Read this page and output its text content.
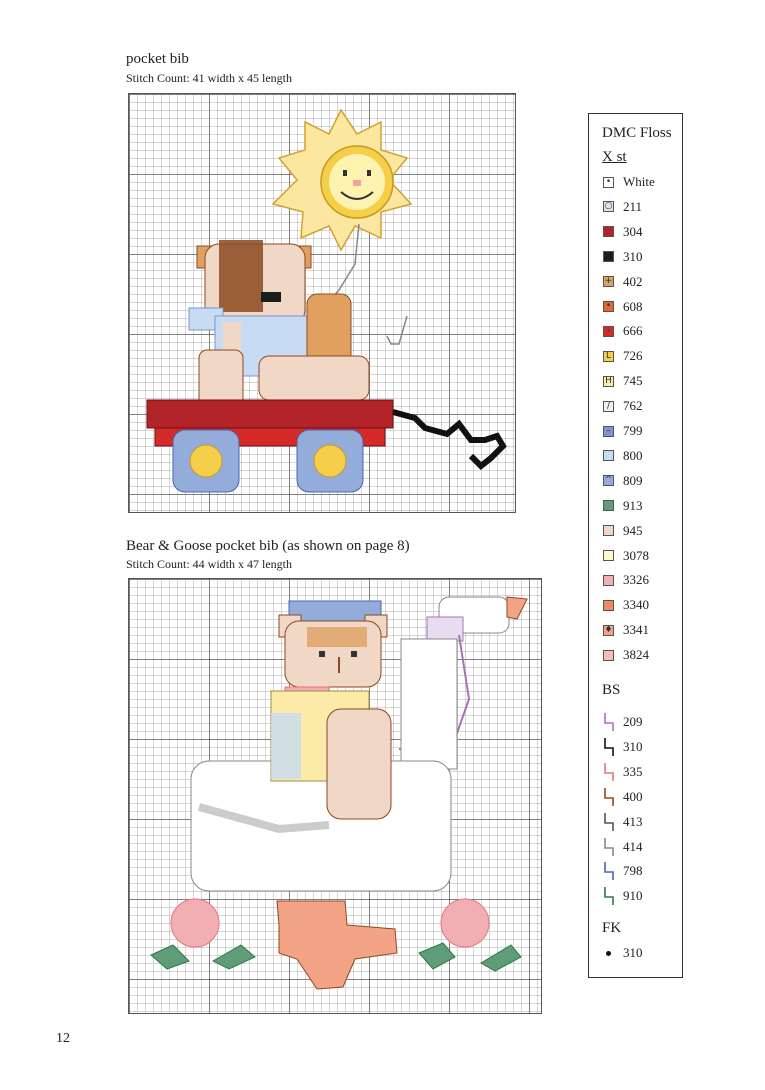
pocket bib
Stitch Count: 41 width x 45 length
Bear & Goose pocket bib (as shown on page 8)
Stitch Count: 44 width x 47 length
DMC Floss
X st
BS
FK
• White
○ 211
304
310
+ 402
• 608
› 666
L 726
H 745
/ 762
– 799
800
^ 809
913
945
3078
3326
3340
♦ 3341
3824
209
310
335
400
413
414
798
910
310
12
